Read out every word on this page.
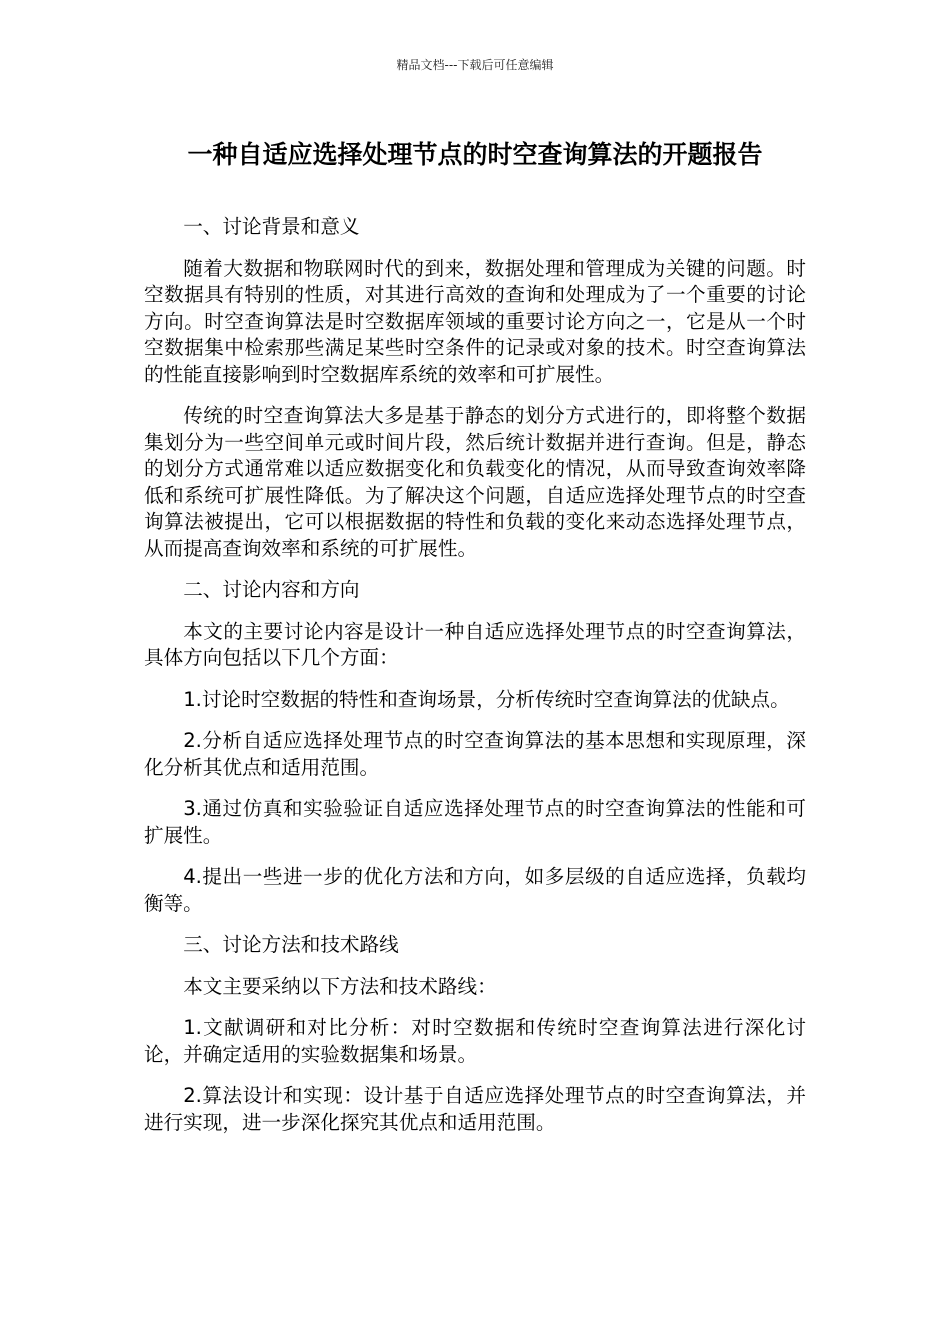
精品文档---下载后可任意编辑
一种自适应选择处理节点的时空查询算法的开题报告

一、讨论背景和意义

随着大数据和物联网时代的到来，数据处理和管理成为关键的问题。时空数据具有特别的性质，对其进行高效的查询和处理成为了一个重要的讨论方向。时空查询算法是时空数据库领域的重要讨论方向之一，它是从一个时空数据集中检索那些满足某些时空条件的记录或对象的技术。时空查询算法的性能直接影响到时空数据库系统的效率和可扩展性。

传统的时空查询算法大多是基于静态的划分方式进行的，即将整个数据集划分为一些空间单元或时间片段，然后统计数据并进行查询。但是，静态的划分方式通常难以适应数据变化和负载变化的情况，从而导致查询效率降低和系统可扩展性降低。为了解决这个问题，自适应选择处理节点的时空查询算法被提出，它可以根据数据的特性和负载的变化来动态选择处理节点，从而提高查询效率和系统的可扩展性。

二、讨论内容和方向

本文的主要讨论内容是设计一种自适应选择处理节点的时空查询算法，具体方向包括以下几个方面：

1.讨论时空数据的特性和查询场景，分析传统时空查询算法的优缺点。

2.分析自适应选择处理节点的时空查询算法的基本思想和实现原理，深化分析其优点和适用范围。

3.通过仿真和实验验证自适应选择处理节点的时空查询算法的性能和可扩展性。

4.提出一些进一步的优化方法和方向，如多层级的自适应选择，负载均衡等。

三、讨论方法和技术路线

本文主要采纳以下方法和技术路线：

1.文献调研和对比分析：对时空数据和传统时空查询算法进行深化讨论，并确定适用的实验数据集和场景。

2.算法设计和实现：设计基于自适应选择处理节点的时空查询算法，并进行实现，进一步深化探究其优点和适用范围。
